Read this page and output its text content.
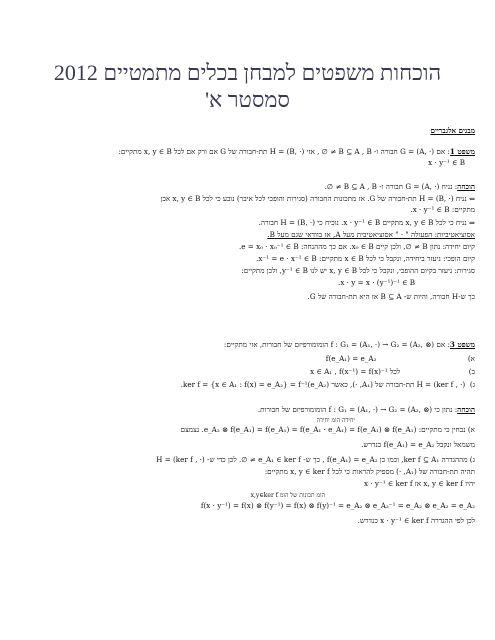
הוכחות משפטים למבחן בכלים מתמטיים 2012
סמסטר א'
מבנים אלגבריים
משפט 1: אם G = (A, ·) חבורה ו- B ⊆ A , B ≠ ∅ , אזי H = (B, ·) תת-חבורה של G אם ורק אם לכל x, y ∈ B מתקיים:
x · y⁻¹ ∈ B
הוכחה: נניח G = (A, ·) חבורה ו- B ⊆ A , B ≠ ∅.
⇐ נניח H = (B, ·) תת-חבורה של G. אז מתכונות החבורה (סגירות והופכי לכל איבר) נובע כי לכל x, y ∈ B אכן
מתקיים: x · y⁻¹ ∈ B.
⇒ נניח כי לכל x, y ∈ B מתקיים x · y⁻¹ ∈ B. נוכיח כי H = (B, ·) חבורה.
אסוציאטיביות: הפעולה " · " אסוציאטיבית מעל A, אז בוודאי שגם מעל B.
קיום יחידה: נתון B ≠ ∅, ולכן קיים x₀ ∈ B. אם כך מההנחה: e = x₀ · x₀⁻¹ ∈ B.
קיום הופכי: ניעזר ביחידה, ונקבל כי לכל x ∈ B מתקיים: x⁻¹ = e · x⁻¹ ∈ B.
סגירות: ניעזר בקיום ההופכי, ונקבל כי לכל x, y ∈ B יש לנו y⁻¹ ∈ B, ולכן מתקיים:
x · y = x · (y⁻¹)⁻¹ ∈ B.
כך ש-H חבורה, והיות ש- B ⊆ A אז היא תת-חבורה של G.
משפט 3: אם f : G₁ = (A₁, ·) → G₂ = (A₂, ⊗) הומומורפיזם של חבורות, אזי מתקיים:
א)                                        f(e_A₁) = e_A₂
ב)                              לכל x ∈ A₁ , f(x⁻¹) = f(x)⁻¹
ג)  H = (ker f , ·) תת-חבורה של (A₁, ·), כאשר ker f = {x ∈ A₁ : f(x) = e_A₂} = f⁻¹(e_A₂).
הוכחה: נתון כי f : G₁ = (A₁, ·) → G₂ = (A₂, ⊗) הומומורפיזם של חבורות.
יחידה הומ יחידה
א) נבחין כי מתקיים: e_A₂ ⊗ f(e_A₁) = f(e_A₁) = f(e_A₁ · e_A₁) = f(e_A₁) ⊗ f(e_A₁). נצמצם
משמאל ונקבל f(e_A₁) = e_A₂ כנדרש.
ג) מההגדרה ker f ⊆ A₁, וכמו כן f(e_A₁) = e_A₂ , כך ש- e_A₁ ∈ ker f ≠ ∅. לכן כדי ש- H = (ker f , ·)
תהיה תת-חבורה של (A₁, ·) מספיק להראות כי לכל x, y ∈ ker f מתקיים:
יהיו x, y ∈ ker f אז x · y⁻¹ ∈ ker f
הומ תכונות של הומ x,y∈ker f
f(x · y⁻¹) = f(x) ⊗ f(y⁻¹) = f(x) ⊗ f(y)⁻¹ = e_A₂ ⊗ e_A₂⁻¹ = e_A₂ ⊗ e_A₂ = e_A₂
לכן לפי ההגדרה x · y⁻¹ ∈ ker f כנדרש.
